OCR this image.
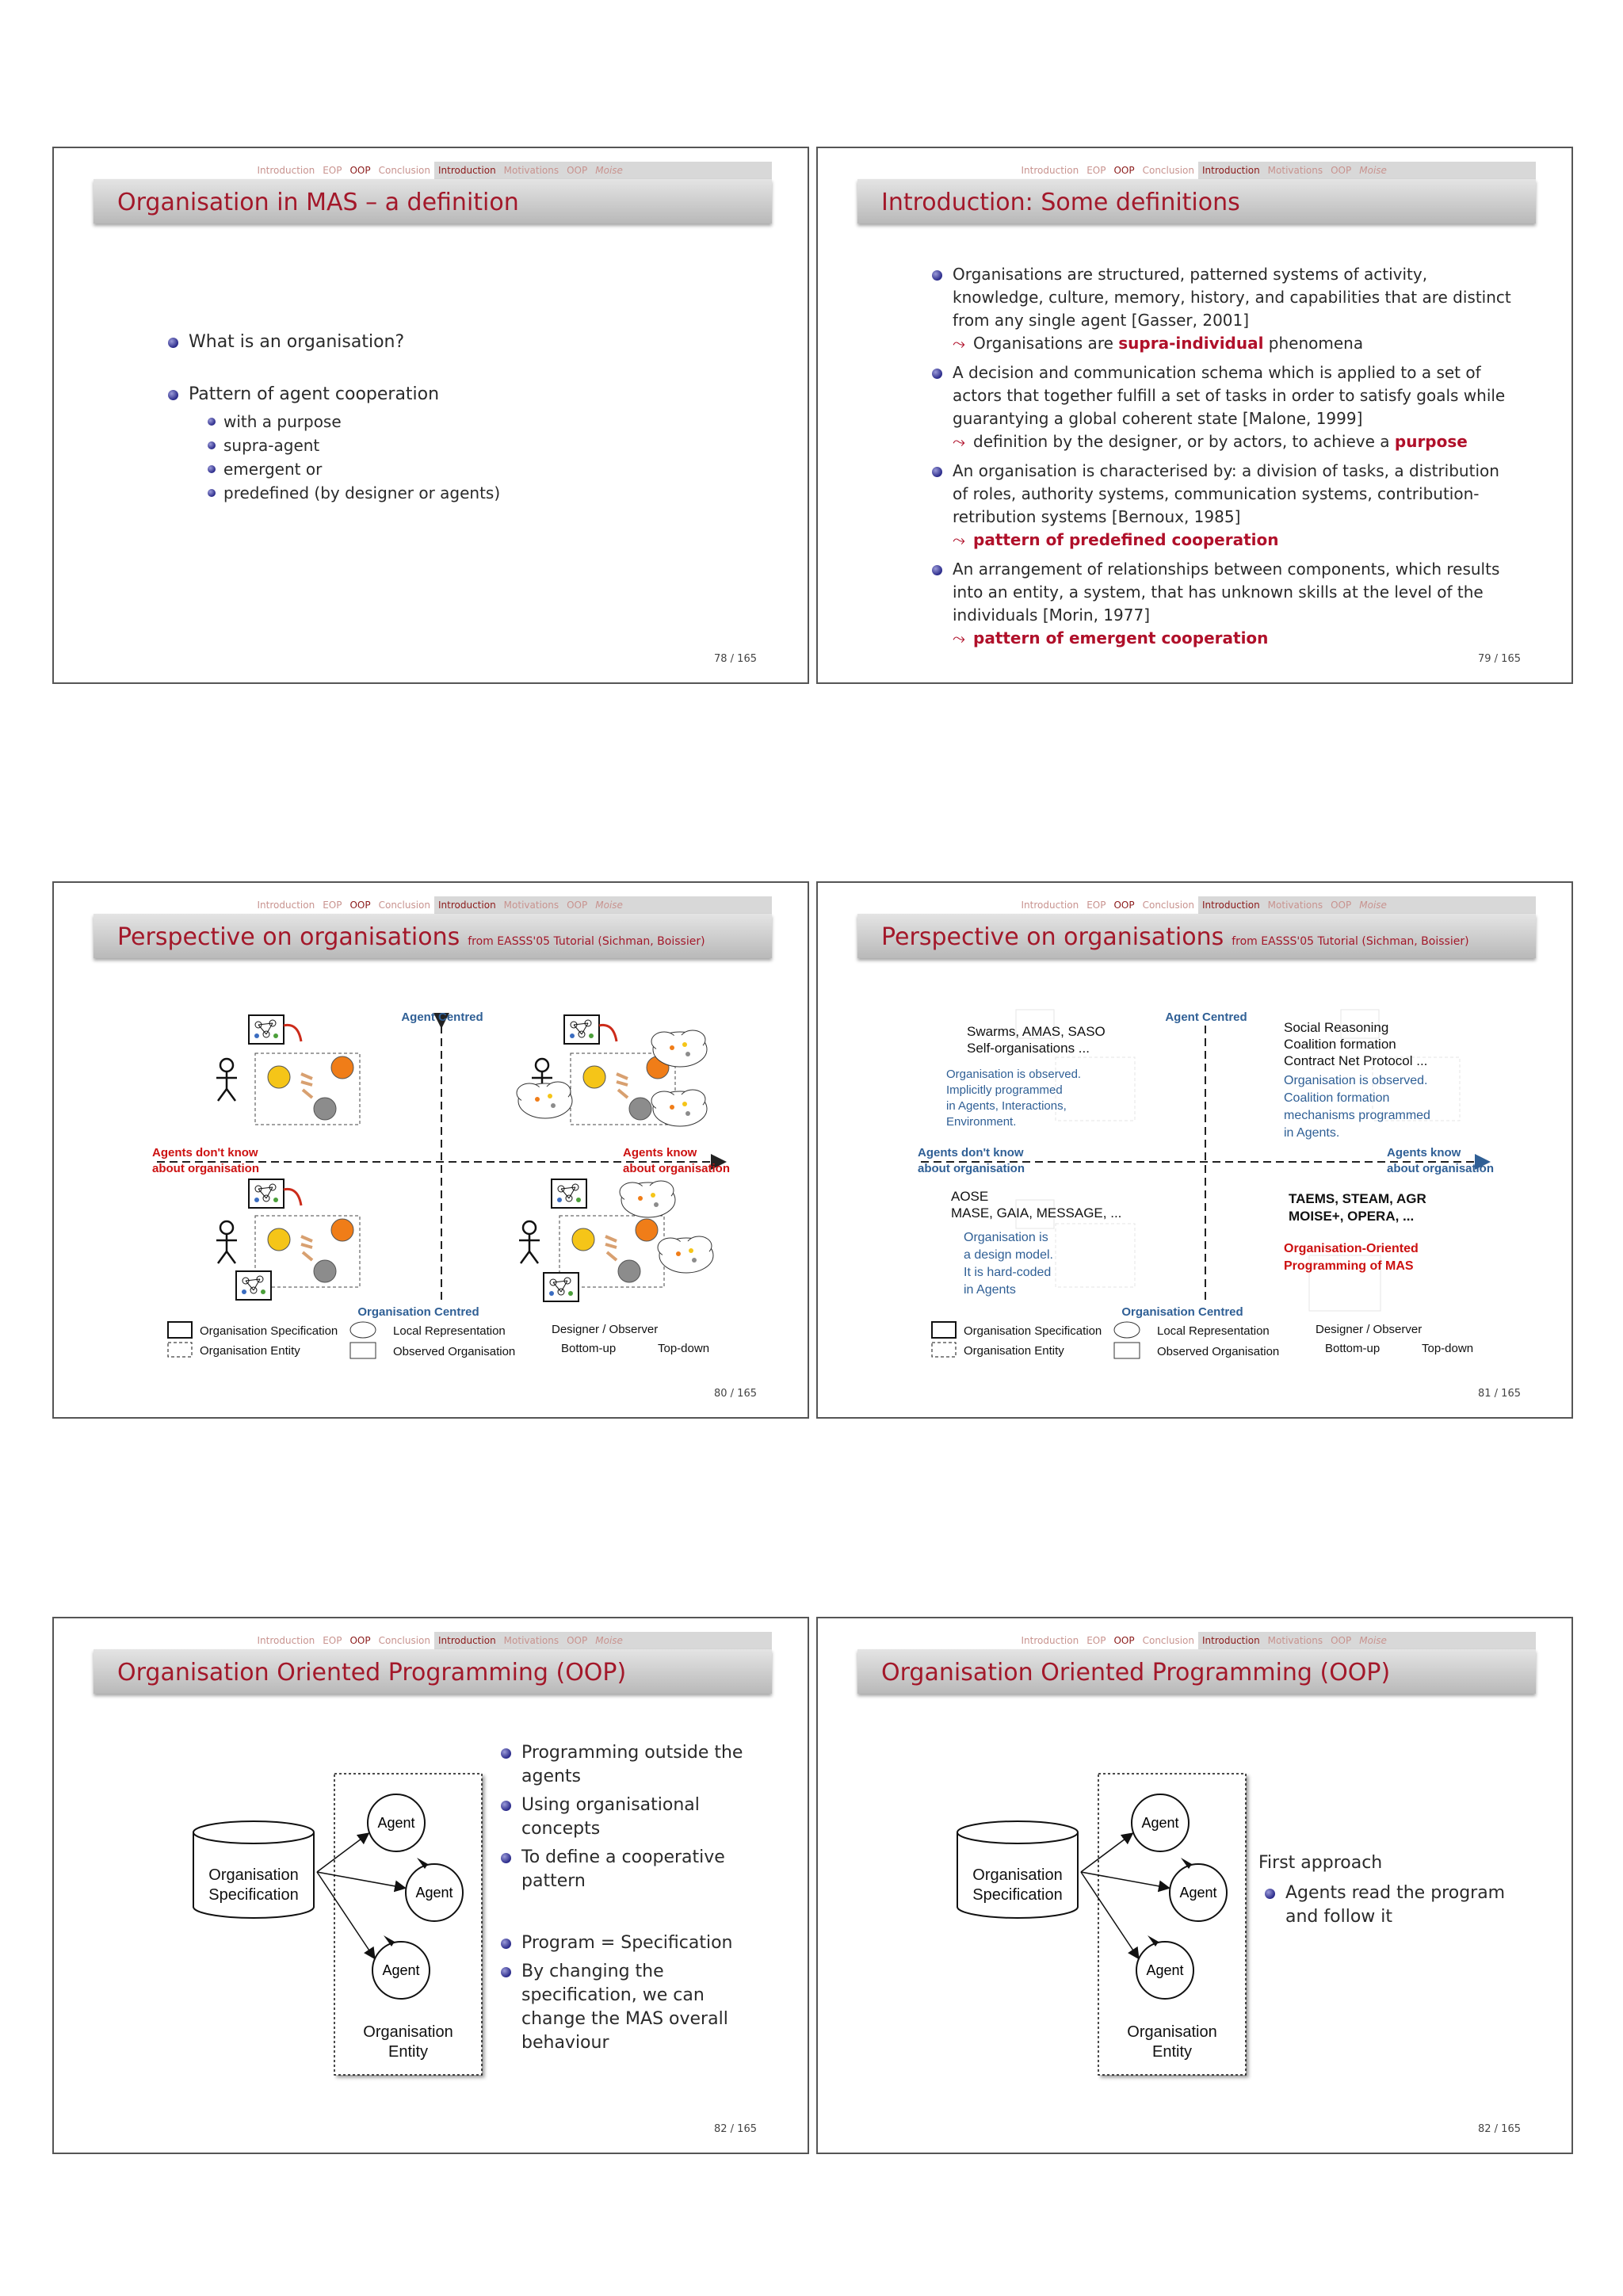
Introduction EOP OOP Conclusion Introduction Motivations OOP Moise
Organisation in MAS – a definition
What is an organisation?
Pattern of agent cooperation
with a purpose
supra-agent
emergent or
predefined (by designer or agents)
78 / 165
Introduction EOP OOP Conclusion Introduction Motivations OOP Moise
Introduction: Some definitions
Organisations are structured, patterned systems of activity, knowledge, culture, memory, history, and capabilities that are distinct from any single agent [Gasser, 2001]
⤳ Organisations are supra-individual phenomena
A decision and communication schema which is applied to a set of actors that together fulfill a set of tasks in order to satisfy goals while guarantying a global coherent state [Malone, 1999]
⤳ definition by the designer, or by actors, to achieve a purpose
An organisation is characterised by: a division of tasks, a distribution of roles, authority systems, communication systems, contribution-retribution systems [Bernoux, 1985]
⤳ pattern of predefined cooperation
An arrangement of relationships between components, which results into an entity, a system, that has unknown skills at the level of the individuals [Morin, 1977]
⤳ pattern of emergent cooperation
79 / 165
Introduction EOP OOP Conclusion Introduction Motivations OOP Moise
Perspective on organisations from EASSS'05 Tutorial (Sichman, Boissier)
Agent Centred
Organisation Centred
Agents don't know
about organisation
Agents know
about organisation
Organisation Specification
Organisation Entity
Local Representation
Observed Organisation
Designer / Observer
Bottom-up	Top-down
80 / 165
Introduction EOP OOP Conclusion Introduction Motivations OOP Moise
Perspective on organisations from EASSS'05 Tutorial (Sichman, Boissier)
Agent Centred
Organisation Centred
Agents don't know
about organisation
Agents know
about organisation
Swarms, AMAS, SASO
Self-organisations ...
Organisation is observed.
Implicitly programmed
in Agents, Interactions,
Environment.
Social Reasoning
Coalition formation
Contract Net Protocol ...
Organisation is observed.
Coalition formation
mechanisms programmed
in Agents.
AOSE
MASE, GAIA, MESSAGE, ...
Organisation is
a design model.
It is hard-coded
in Agents
TAEMS, STEAM, AGR
MOISE+, OPERA, ...
Organisation-Oriented
Programming of MAS
Organisation Specification
Organisation Entity
Local Representation
Observed Organisation
Designer / Observer
Bottom-up	Top-down
81 / 165
Introduction EOP OOP Conclusion Introduction Motivations OOP Moise
Organisation Oriented Programming (OOP)
Organisation
Specification
Agent
Agent
Agent
Organisation
Entity
Programming outside the agents
Using organisational concepts
To define a cooperative pattern
Program = Specification
By changing the specification, we can change the MAS overall behaviour
82 / 165
Introduction EOP OOP Conclusion Introduction Motivations OOP Moise
Organisation Oriented Programming (OOP)
Organisation
Specification
Agent
Agent
Agent
Organisation
Entity
First approach
Agents read the program and follow it
82 / 165
